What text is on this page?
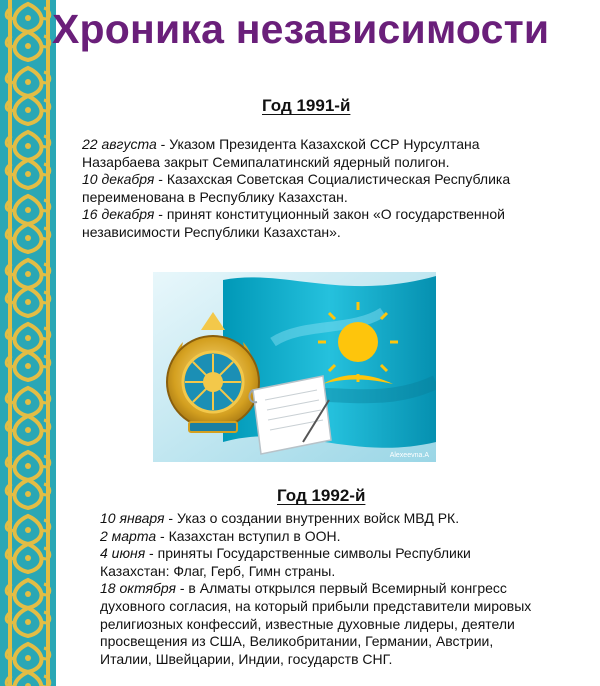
Хроника независимости
Год 1991-й
22 августа - Указом Президента Казахской ССР Нурсултана Назарбаева закрыт Семипалатинский ядерный полигон.
10 декабря - Казахская Советская Социалистическая Республика переименована в Республику Казахстан.
16 декабря - принят конституционный закон «О государственной независимости Республики Казахстан».
Alexeevna.A
Год 1992-й
10 января - Указ о создании внутренних войск МВД РК.
2 марта - Казахстан вступил в ООН.
4 июня - приняты Государственные символы Республики Казахстан: Флаг, Герб, Гимн страны.
18 октября - в Алматы открылся первый Всемирный конгресс духовного согласия, на который прибыли представители мировых религиозных конфессий, известные духовные лидеры, деятели просвещения из США, Великобритании, Германии, Австрии, Италии, Швейцарии, Индии, государств СНГ.
